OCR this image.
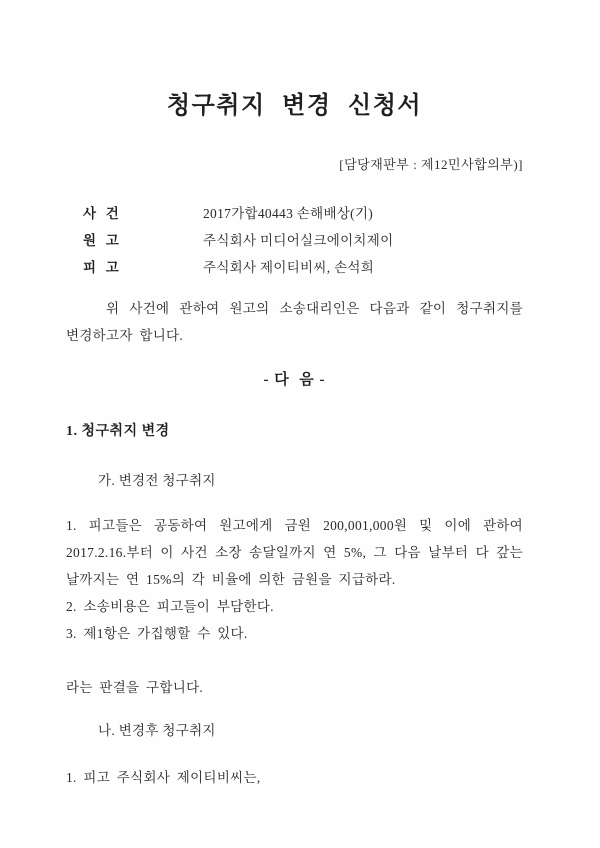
청구취지 변경 신청서
[담당재판부 : 제12민사합의부)]
사  건	2017가합40443 손해배상(기)
원  고	주식회사 미디어실크에이치제이
피  고	주식회사 제이티비씨, 손석희

위 사건에 관하여 원고의 소송대리인은 다음과 같이 청구취지를 변경하고자 합니다.

- 다  음 -
1. 청구취지 변경
가. 변경전 청구취지

1. 피고들은 공동하여 원고에게 금원 200,001,000원 및 이에 관하여 2017.2.16.부터 이 사건 소장 송달일까지 연 5%, 그 다음 날부터 다 갚는 날까지는 연 15%의 각 비율에 의한 금원을 지급하라.

2. 소송비용은 피고들이 부담한다.

3. 제1항은 가집행할 수 있다.

라는 판결을 구합니다.

나. 변경후 청구취지

1. 피고 주식회사 제이티비씨는,
